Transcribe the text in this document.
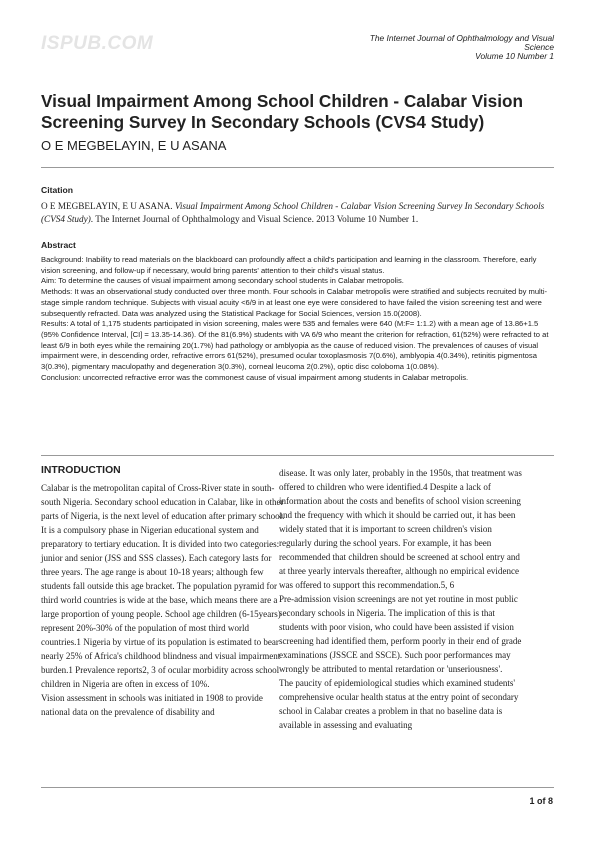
ISPUB.COM	The Internet Journal of Ophthalmology and Visual
Science
Volume 10 Number 1
Visual Impairment Among School Children - Calabar Vision
Screening Survey In Secondary Schools (CVS4 Study)
O E MEGBELAYIN, E U ASANA
Citation
O E MEGBELAYIN, E U ASANA. Visual Impairment Among School Children - Calabar Vision Screening Survey In Secondary Schools (CVS4 Study). The Internet Journal of Ophthalmology and Visual Science. 2013 Volume 10 Number 1.
Abstract

Background: Inability to read materials on the blackboard can profoundly affect a child's participation and learning in the classroom. Therefore, early vision screening, and follow-up if necessary, would bring parents' attention to their child's visual status.

Aim: To determine the causes of visual impairment among secondary school students in Calabar metropolis.

Methods: It was an observational study conducted over three month. Four schools in Calabar metropolis were stratified and subjects recruited by multi-stage simple random technique. Subjects with visual acuity <6/9 in at least one eye were considered to have failed the vision screening test and were subsequently refracted. Data was analyzed using the Statistical Package for Social Sciences, version 15.0(2008).

Results: A total of 1,175 students participated in vision screening, males were 535 and females were 640 (M:F= 1:1.2) with a mean age of 13.86+1.5 (95% Confidence Interval, [CI] = 13.35-14.36). Of the 81(6.9%) students with VA 6/9 who meant the criterion for refraction, 61(52%) were refracted to at least 6/9 in both eyes while the remaining 20(1.7%) had pathology or amblyopia as the cause of reduced vision. The prevalences of causes of visual impairment were, in descending order, refractive errors 61(52%), presumed ocular toxoplasmosis 7(0.6%), amblyopia 4(0.34%), retinitis pigmentosa 3(0.3%), pigmentary maculopathy and degeneration 3(0.3%), corneal leucoma 2(0.2%), optic disc coloboma 1(0.08%).

Conclusion: uncorrected refractive error was the commonest cause of visual impairment among students in Calabar metropolis.

INTRODUCTION

Calabar is the metropolitan capital of Cross-River state in south-south Nigeria. Secondary school education in Calabar, like in other parts of Nigeria, is the next level of education after primary school. It is a compulsory phase in Nigerian educational system and preparatory to tertiary education. It is divided into two categories: junior and senior (JSS and SSS classes). Each category lasts for three years. The age range is about 10-18 years; although few students fall outside this age bracket. The population pyramid for third world countries is wide at the base, which means there are a large proportion of young people. School age children (6-15years) represent 20%-30% of the population of most third world countries.1 Nigeria by virtue of its population is estimated to bear nearly 25% of Africa's childhood blindness and visual impairment burden.1 Prevalence reports2, 3 of ocular morbidity across school children in Nigeria are often in excess of 10%.

Vision assessment in schools was initiated in 1908 to provide national data on the prevalence of disability and

disease. It was only later, probably in the 1950s, that treatment was offered to children who were identified.4 Despite a lack of information about the costs and benefits of school vision screening and the frequency with which it should be carried out, it has been widely stated that it is important to screen children's vision regularly during the school years. For example, it has been recommended that children should be screened at school entry and at three yearly intervals thereafter, although no empirical evidence was offered to support this recommendation.5, 6

Pre-admission vision screenings are not yet routine in most public secondary schools in Nigeria. The implication of this is that students with poor vision, who could have been assisted if vision screening had identified them, perform poorly in their end of grade examinations (JSSCE and SSCE). Such poor performances may wrongly be attributed to mental retardation or 'unseriousness'.

The paucity of epidemiological studies which examined students' comprehensive ocular health status at the entry point of secondary school in Calabar creates a problem in that no baseline data is available in assessing and evaluating

1 of 8
